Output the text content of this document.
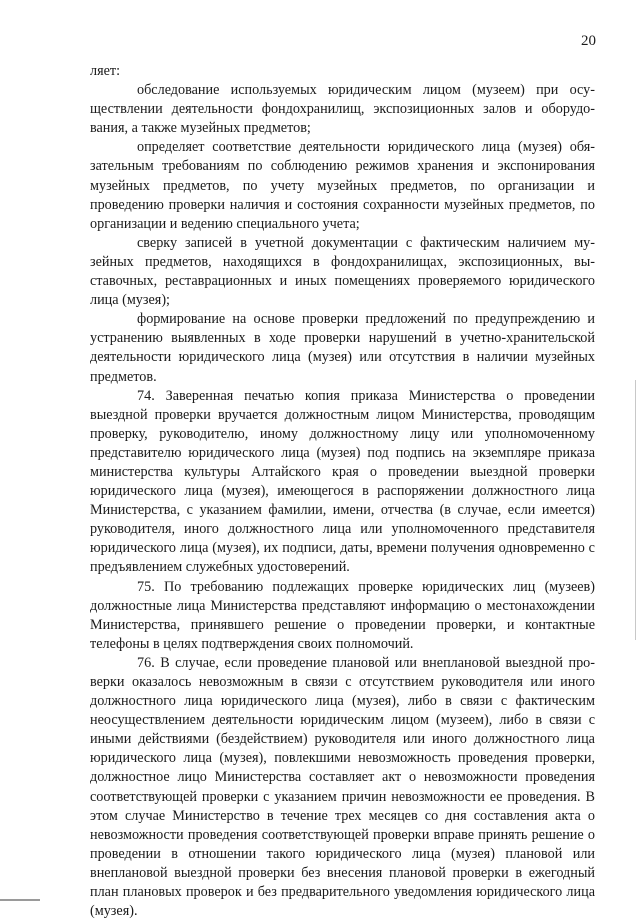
20

ляет:

обследование используемых юридическим лицом (музеем) при осуществлении деятельности фондохранилищ, экспозиционных залов и оборудования, а также музейных предметов;

определяет соответствие деятельности юридического лица (музея) обязательным требованиям по соблюдению режимов хранения и экспонирования музейных предметов, по учету музейных предметов, по организации и проведению проверки наличия и состояния сохранности музейных предметов, по организации и ведению специального учета;

сверку записей в учетной документации с фактическим наличием музейных предметов, находящихся в фондохранилищах, экспозиционных, выставочных, реставрационных и иных помещениях проверяемого юридического лица (музея);

формирование на основе проверки предложений по предупреждению и устранению выявленных в ходе проверки нарушений в учетно-хранительской деятельности юридического лица (музея) или отсутствия в наличии музейных предметов.

74. Заверенная печатью копия приказа Министерства о проведении выездной проверки вручается должностным лицом Министерства, проводящим проверку, руководителю, иному должностному лицу или уполномоченному представителю юридического лица (музея) под подпись на экземпляре приказа министерства культуры Алтайского края о проведении выездной проверки юридического лица (музея), имеющегося в распоряжении должностного лица Министерства, с указанием фамилии, имени, отчества (в случае, если имеется) руководителя, иного должностного лица или уполномоченного представителя юридического лица (музея), их подписи, даты, времени получения одновременно с предъявлением служебных удостоверений.

75. По требованию подлежащих проверке юридических лиц (музеев) должностные лица Министерства представляют информацию о местонахождении Министерства, принявшего решение о проведении проверки, и контактные телефоны в целях подтверждения своих полномочий.

76. В случае, если проведение плановой или внеплановой выездной проверки оказалось невозможным в связи с отсутствием руководителя или иного должностного лица юридического лица (музея), либо в связи с фактическим неосуществлением деятельности юридическим лицом (музеем), либо в связи с иными действиями (бездействием) руководителя или иного должностного лица юридического лица (музея), повлекшими невозможность проведения проверки, должностное лицо Министерства составляет акт о невозможности проведения соответствующей проверки с указанием причин невозможности ее проведения. В этом случае Министерство в течение трех месяцев со дня составления акта о невозможности проведения соответствующей проверки вправе принять решение о проведении в отношении такого юридического лица (музея) плановой или внеплановой выездной проверки без внесения плановой проверки в ежегодный план плановых проверок и без предварительного уведомления юридического лица (музея).
